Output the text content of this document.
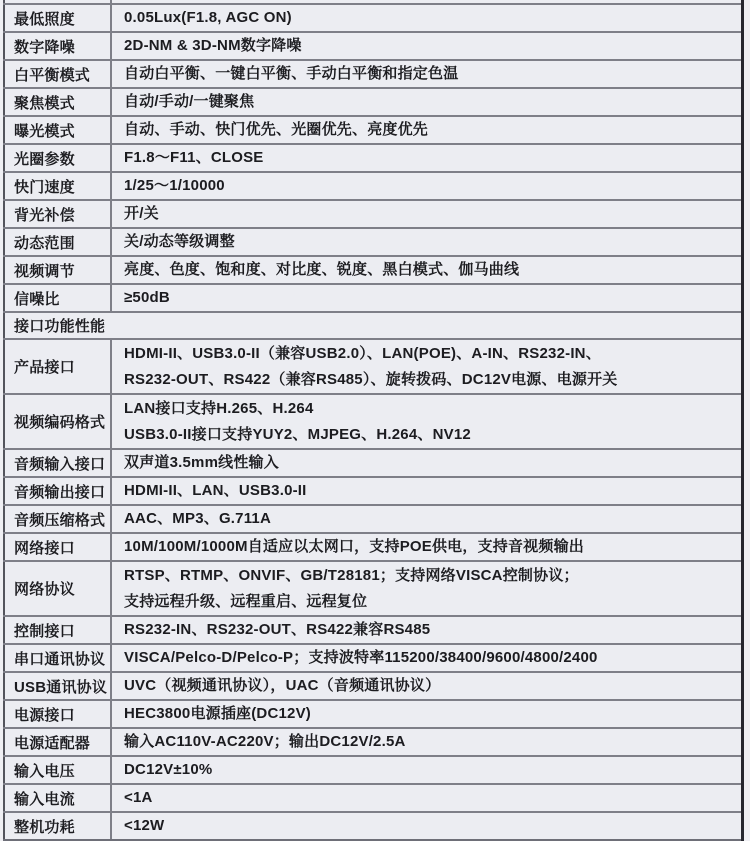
最低照度	0.05Lux(F1.8, AGC ON)

数字降噪	2D-NM & 3D-NM数字降噪

白平衡模式	自动白平衡、一键白平衡、手动白平衡和指定色温

聚焦模式	自动/手动/一键聚焦

曝光模式	自动、手动、快门优先、光圈优先、亮度优先

光圈参数	F1.8～F11、CLOSE

快门速度	1/25～1/10000

背光补偿	开/关

动态范围	关/动态等级调整

视频调节	亮度、色度、饱和度、对比度、锐度、黑白模式、伽马曲线

信噪比	≥50dB

接口功能性能	
产品接口	HDMI-II、USB3.0-II（兼容USB2.0）、LAN(POE)、A-IN、RS232-IN、
RS232-OUT、RS422（兼容RS485）、旋转拨码、DC12V电源、电源开关

视频编码格式	LAN接口支持H.265、H.264
USB3.0-II接口支持YUY2、MJPEG、H.264、NV12

音频输入接口	双声道3.5mm线性输入

音频输出接口	HDMI-II、LAN、USB3.0-II

音频压缩格式	AAC、MP3、G.711A

网络接口	10M/100M/1000M自适应以太网口，支持POE供电，支持音视频输出

网络协议	RTSP、RTMP、ONVIF、GB/T28181；支持网络VISCA控制协议；
支持远程升级、远程重启、远程复位

控制接口	RS232-IN、RS232-OUT、RS422兼容RS485

串口通讯协议	VISCA/Pelco-D/Pelco-P；支持波特率115200/38400/9600/4800/2400

USB通讯协议	UVC（视频通讯协议），UAC（音频通讯协议）

电源接口	HEC3800电源插座(DC12V)

电源适配器	输入AC110V-AC220V；输出DC12V/2.5A

输入电压	DC12V±10%

输入电流	<1A

整机功耗	<12W
